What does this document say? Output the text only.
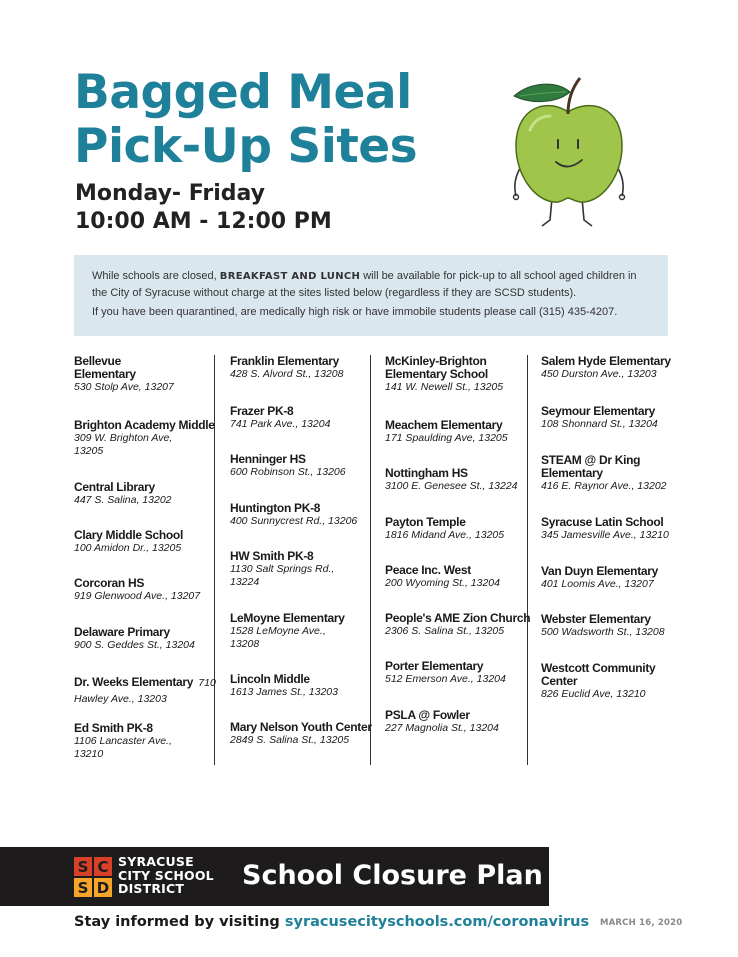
Bagged Meal
Pick-Up Sites
Monday- Friday
10:00 AM - 12:00 PM

While schools are closed, BREAKFAST AND LUNCH will be available for pick-up to all school aged children in the City of Syracuse without charge at the sites listed below (regardless if they are SCSD students).

If you have been quarantined, are medically high risk or have immobile students please call (315) 435-4207.

Bellevue
Elementary
530 Stolp Ave, 13207
Brighton Academy Middle
309 W. Brighton Ave,
13205
Central Library
447 S. Salina, 13202
Clary Middle School
100 Amidon Dr., 13205
Corcoran HS
919 Glenwood Ave., 13207
Delaware Primary
900 S. Geddes St., 13204
Dr. Weeks Elementary 710
Hawley Ave., 13203
Ed Smith PK-8
1106 Lancaster Ave.,
13210
Franklin Elementary
428 S. Alvord St., 13208
Frazer PK-8
741 Park Ave., 13204
Henninger HS
600 Robinson St., 13206
Huntington PK-8
400 Sunnycrest Rd., 13206
HW Smith PK-8
1130 Salt Springs Rd.,
13224
LeMoyne Elementary
1528 LeMoyne Ave.,
13208
Lincoln Middle
1613 James St., 13203
Mary Nelson Youth Center
2849 S. Salina St., 13205
McKinley-Brighton
Elementary School
141 W. Newell St., 13205
Meachem Elementary
171 Spaulding Ave, 13205
Nottingham HS
3100 E. Genesee St., 13224
Payton Temple
1816 Midand Ave., 13205
Peace Inc. West
200 Wyoming St., 13204
People's AME Zion Church
2306 S. Salina St., 13205
Porter Elementary
512 Emerson Ave., 13204
PSLA @ Fowler
227 Magnolia St., 13204
Salem Hyde Elementary
450 Durston Ave., 13203
Seymour Elementary
108 Shonnard St., 13204
STEAM @ Dr King
Elementary
416 E. Raynor Ave., 13202
Syracuse Latin School
345 Jamesville Ave., 13210
Van Duyn Elementary
401 Loomis Ave., 13207
Webster Elementary
500 Wadsworth St., 13208
Westcott Community
Center
826 Euclid Ave, 13210
S C
S D
SYRACUSE
CITY SCHOOL
DISTRICT	School Closure Plan
Stay informed by visiting syracusecityschools.com/coronavirus MARCH 16, 2020
